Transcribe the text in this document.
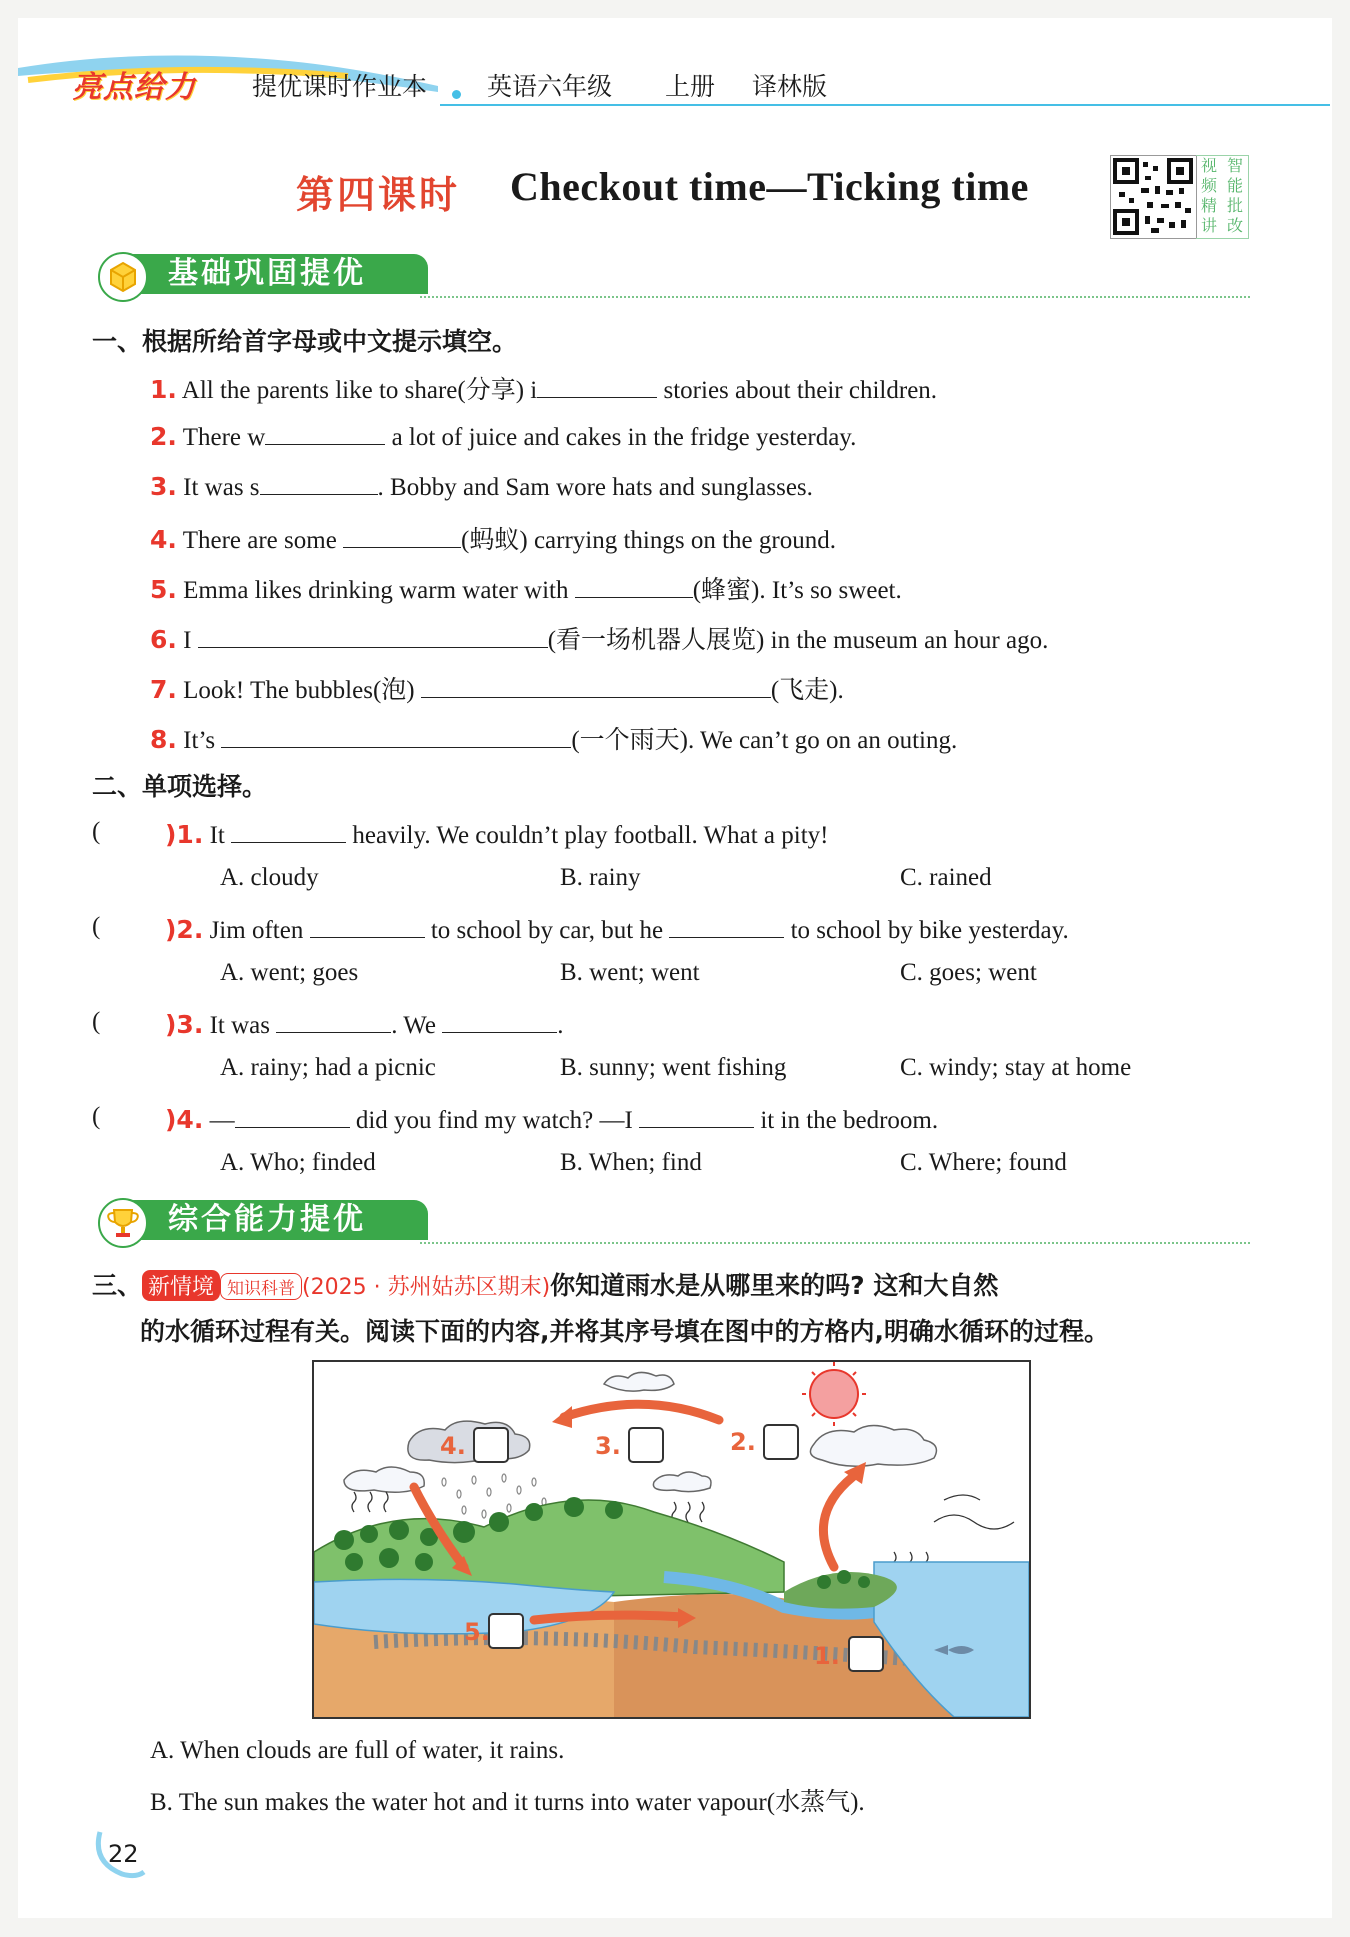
亮点给力 提优课时作业本 英语六年级 上册 译林版
第四课时 Checkout time—Ticking time	视 智
频 能
精 批
讲 改
基础巩固提优
一、根据所给首字母或中文提示填空。
1. All the parents like to share(分享) i	stories about their children.
2. There w	a lot of juice and cakes in the fridge yesterday.
3. It was s	. Bobby and Sam wore hats and sunglasses.
4. There are some	(蚂蚁) carrying things on the ground.
5. Emma likes drinking warm water with	(蜂蜜). It’s so sweet.
6. I	(看一场机器人展览) in the museum an hour ago.
7. Look! The bubbles(泡)	(飞走).
8. It’s	(一个雨天). We can’t go on an outing.
二、单项选择。
(	)1. It	heavily. We couldn’t play football. What a pity!
A. cloudy	B. rainy	C. rained
(	)2. Jim often	to school by car, but he	to school by bike yesterday.
A. went; goes	B. went; went	C. goes; went
(	)3. It was	. We	.
A. rainy; had a picnic	B. sunny; went fishing	C. windy; stay at home
(	)4. —	did you find my watch? —I	it in the bedroom.
A. Who; finded	B. When; find	C. Where; found
综合能力提优
三、 新情境 知识科普 (2025 · 苏州姑苏区期末)你知道雨水是从哪里来的吗? 这和大自然
的水循环过程有关。阅读下面的内容,并将其序号填在图中的方格内,明确水循环的过程。
4.	3.	2.
5.
1.
A. When clouds are full of water, it rains.
B. The sun makes the water hot and it turns into water vapour(水蒸气).
22
